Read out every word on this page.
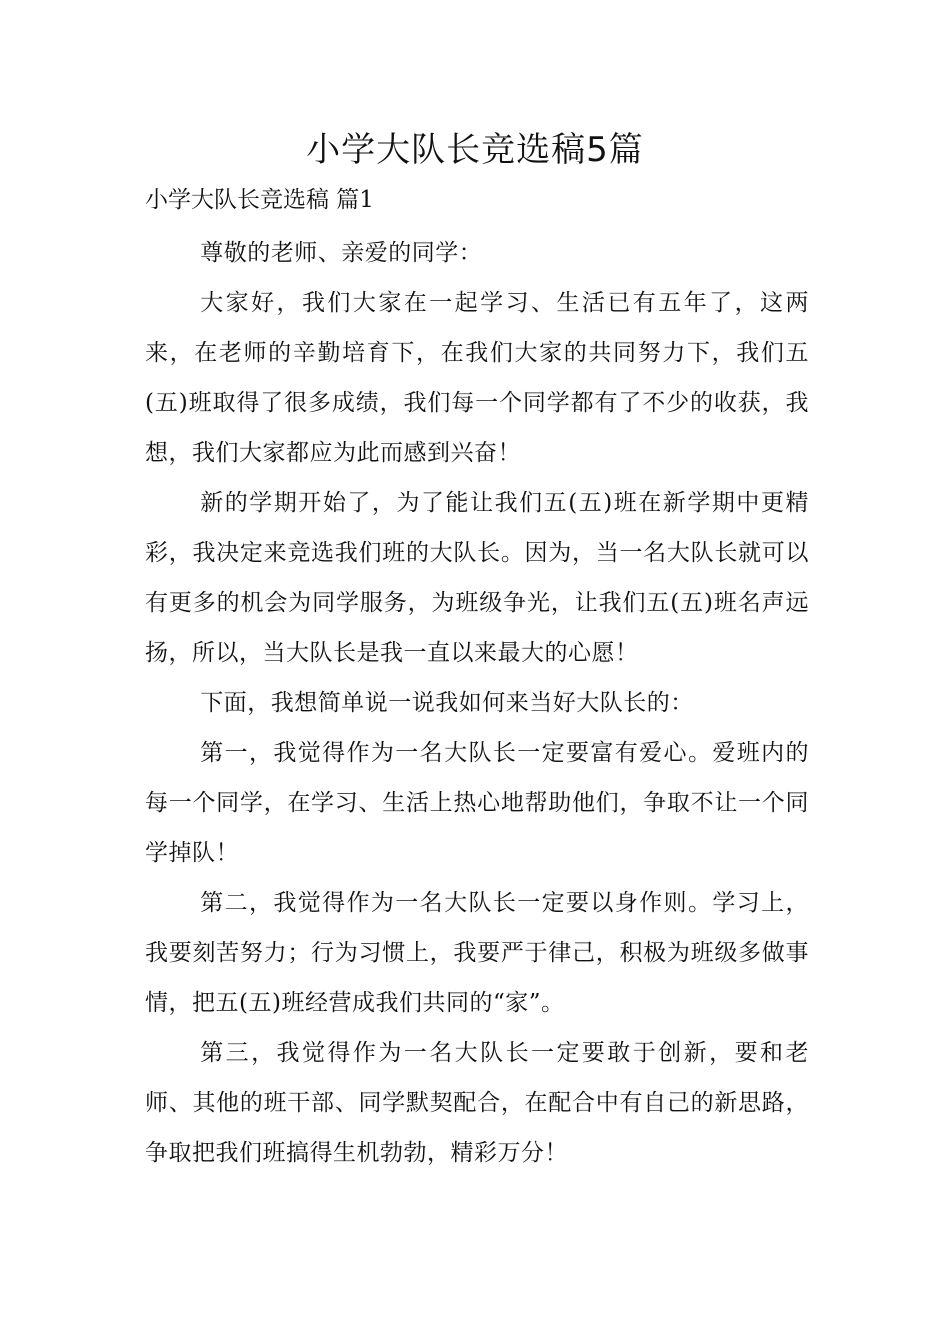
小学大队长竞选稿5篇
小学大队长竞选稿 篇1

尊敬的老师、亲爱的同学：

大家好，我们大家在一起学习、生活已有五年了，这两来，在老师的辛勤培育下，在我们大家的共同努力下，我们五(五)班取得了很多成绩，我们每一个同学都有了不少的收获，我想，我们大家都应为此而感到兴奋！

新的学期开始了，为了能让我们五(五)班在新学期中更精彩，我决定来竞选我们班的大队长。因为，当一名大队长就可以有更多的机会为同学服务，为班级争光，让我们五(五)班名声远扬，所以，当大队长是我一直以来最大的心愿！

下面，我想简单说一说我如何来当好大队长的：

第一，我觉得作为一名大队长一定要富有爱心。爱班内的每一个同学，在学习、生活上热心地帮助他们，争取不让一个同学掉队！

第二，我觉得作为一名大队长一定要以身作则。学习上，我要刻苦努力；行为习惯上，我要严于律己，积极为班级多做事情，把五(五)班经营成我们共同的“家”。

第三，我觉得作为一名大队长一定要敢于创新，要和老师、其他的班干部、同学默契配合，在配合中有自己的新思路，争取把我们班搞得生机勃勃，精彩万分！
